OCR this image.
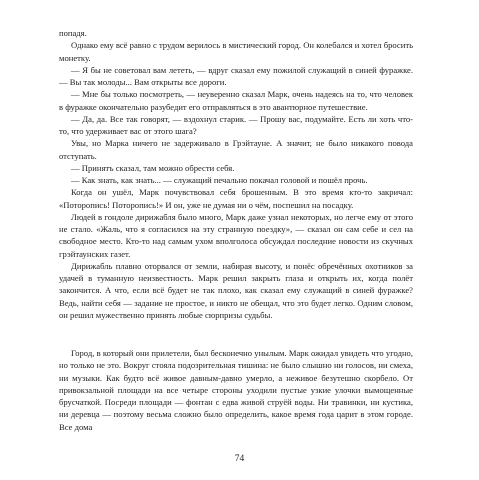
попадя.

Однако ему всё равно с трудом верилось в мистический город. Он колебался и хотел бросить монетку.

— Я бы не советовал вам лететь, — вдруг сказал ему пожилой служащий в синей фуражке. — Вы так молоды... Вам открыты все дороги.

— Мне бы только посмотреть, — неуверенно сказал Марк, очень надеясь на то, что человек в фуражке окончательно разубедит его отправляться в это авантюрное путешествие.

— Да, да. Все так говорят, — вздохнул старик. — Прошу вас, подумайте. Есть ли хоть что-то, что удерживает вас от этого шага?

Увы, но Марка ничего не задерживало в Грэйтауне. А значит, не было никакого повода отступать.

— Принятъ сказал, там можно обрести себя.

— Как знать, как знать... — служащий печально покачал головой и пошёл прочь.

Когда он ушёл, Марк почувствовал себя брошенным. В это время кто-то закричал: «Поторопись! Поторопись!» И он, уже не думая ни о чём, поспешил на посадку.

Людей в гондоле дирижабля было много, Марк даже узнал некоторых, но легче ему от этого не стало. «Жаль, что я согласился на эту странную поездку», — сказал он сам себе и сел на свободное место. Кто-то над самым ухом вполголоса обсуждал последние новости из скучных грэйтаунских газет.

Дирижабль плавно оторвался от земли, набирая высоту, и понёс обречённых охотников за удачей в туманную неизвестность. Марк решил закрыть глаза и открыть их, когда полёт закончится. А что, если всё будет не так плохо, как сказал ему служащий в синей фуражке? Ведь, найти себя — задание не простое, и никто не обещал, что это будет легко. Одним словом, он решил мужественно принять любые сюрпризы судьбы.

Город, в который они прилетели, был бесконечно унылым. Марк ожидал увидеть что угодно, но только не это. Вокруг стояла подозрительная тишина: не было слышно ни голосов, ни смеха, ни музыки. Как будто всё живое давным-давно умерло, а неживое безутешно скорбело. От привокзальной площади на все четыре стороны уходили пустые узкие улочки вымощенные брусчаткой. Посреди площади — фонтан с едва живой струёй воды. Ни травинки, ни кустика, ни деревца — поэтому весьма сложно было определить, какое время года царит в этом городе. Все дома

74
